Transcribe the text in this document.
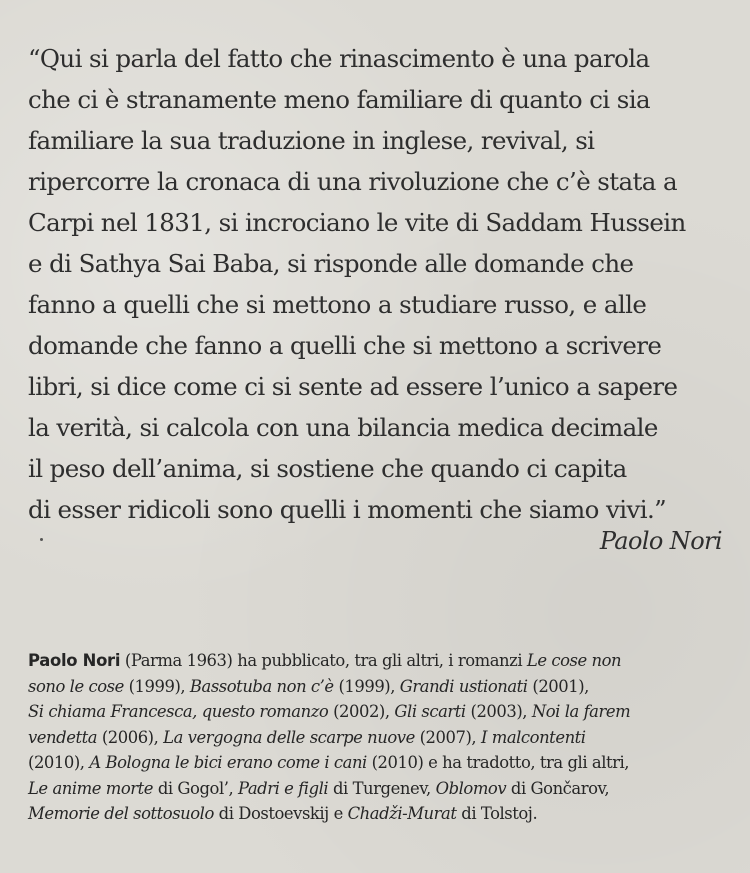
“Qui si parla del fatto che rinascimento è una parola
che ci è stranamente meno familiare di quanto ci sia
familiare la sua traduzione in inglese, revival, si
ripercorre la cronaca di una rivoluzione che c’è stata a
Carpi nel 1831, si incrociano le vite di Saddam Hussein
e di Sathya Sai Baba, si risponde alle domande che
fanno a quelli che si mettono a studiare russo, e alle
domande che fanno a quelli che si mettono a scrivere
libri, si dice come ci si sente ad essere l’unico a sapere
la verità, si calcola con una bilancia medica decimale
il peso dell’anima, si sostiene che quando ci capita
di esser ridicoli sono quelli i momenti che siamo vivi.”
Paolo Nori
Paolo Nori (Parma 1963) ha pubblicato, tra gli altri, i romanzi Le cose non
sono le cose (1999), Bassotuba non c’è (1999), Grandi ustionati (2001),
Si chiama Francesca, questo romanzo (2002), Gli scarti (2003), Noi la farem
vendetta (2006), La vergogna delle scarpe nuove (2007), I malcontenti
(2010), A Bologna le bici erano come i cani (2010) e ha tradotto, tra gli altri,
Le anime morte di Gogol’, Padri e figli di Turgenev, Oblomov di Gončarov,
Memorie del sottosuolo di Dostoevskij e Chadži-Murat di Tolstoj.
